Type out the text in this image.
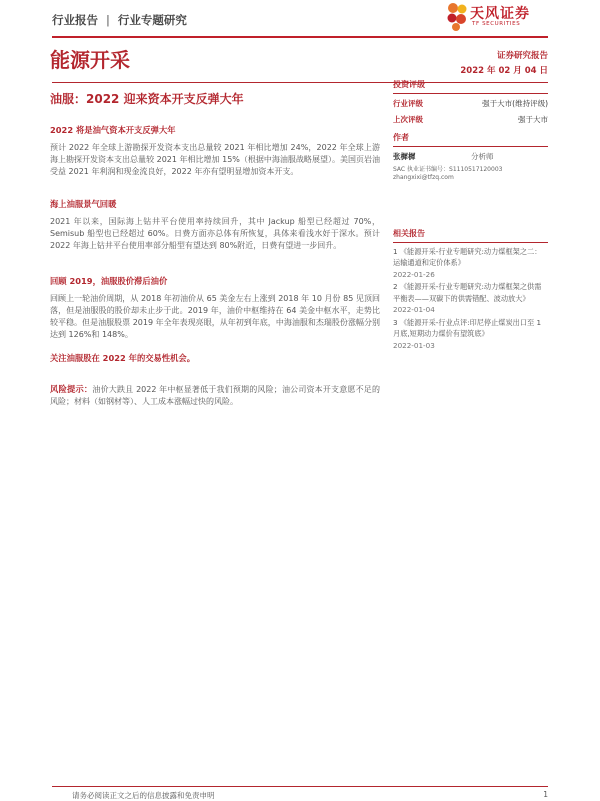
行业报告 | 行业专题研究	天风证券
TF SECURITIES
能源开采	证券研究报告
2022 年 02 月 04 日
油服：2022 迎来资本开支反弹大年
2022 将是油气资本开支反弹大年

预计 2022 年全球上游勘探开发资本支出总量较 2021 年相比增加 24%，2022 年全球上游海上勘探开发资本支出总量较 2021 年相比增加 15%（根据中海油服战略展望）。美国页岩油受益 2021 年利润和现金流良好，2022 年亦有望明显增加资本开支。

海上油服景气回暖

2021 年以来，国际海上钻井平台使用率持续回升，其中 Jackup 船型已经超过 70%，Semisub 船型也已经超过 60%。日费方面亦总体有所恢复，具体来看浅水好于深水。预计 2022 年海上钻井平台使用率部分船型有望达到 80%附近，日费有望进一步回升。

回顾 2019，油服股价滞后油价

回顾上一轮油价周期，从 2018 年初油价从 65 美金左右上涨到 2018 年 10 月份 85 见顶回落，但是油服股的股价却未止步于此。2019 年，油价中枢维持在 64 美金中枢水平，走势比较平稳。但是油服股票 2019 年全年表现亮眼，从年初到年底，中海油服和杰瑞股份涨幅分别达到 126%和 148%。

关注油服股在 2022 年的交易性机会。

风险提示：油价大跌且 2022 年中枢显著低于我们预期的风险；油公司资本开支意愿不足的风险；材料（如钢材等）、人工成本涨幅过快的风险。

投资评级
行业评级	强于大市(维持评级)
上次评级	强于大市
作者
张樨樨	分析师
SAC 执业证书编号：S1110517120003
zhangxixi@tfzq.com
相关报告
1 《能源开采-行业专题研究:动力煤框架之二：运输通道和定价体系》
2022-01-26
2 《能源开采-行业专题研究:动力煤框架之供需平衡表——双碳下的供需错配、波动放大》
2022-01-04
3 《能源开采-行业点评:印尼停止煤炭出口至 1 月底,短期动力煤价有望筑底》
2022-01-03
请务必阅读正文之后的信息披露和免责申明	1
